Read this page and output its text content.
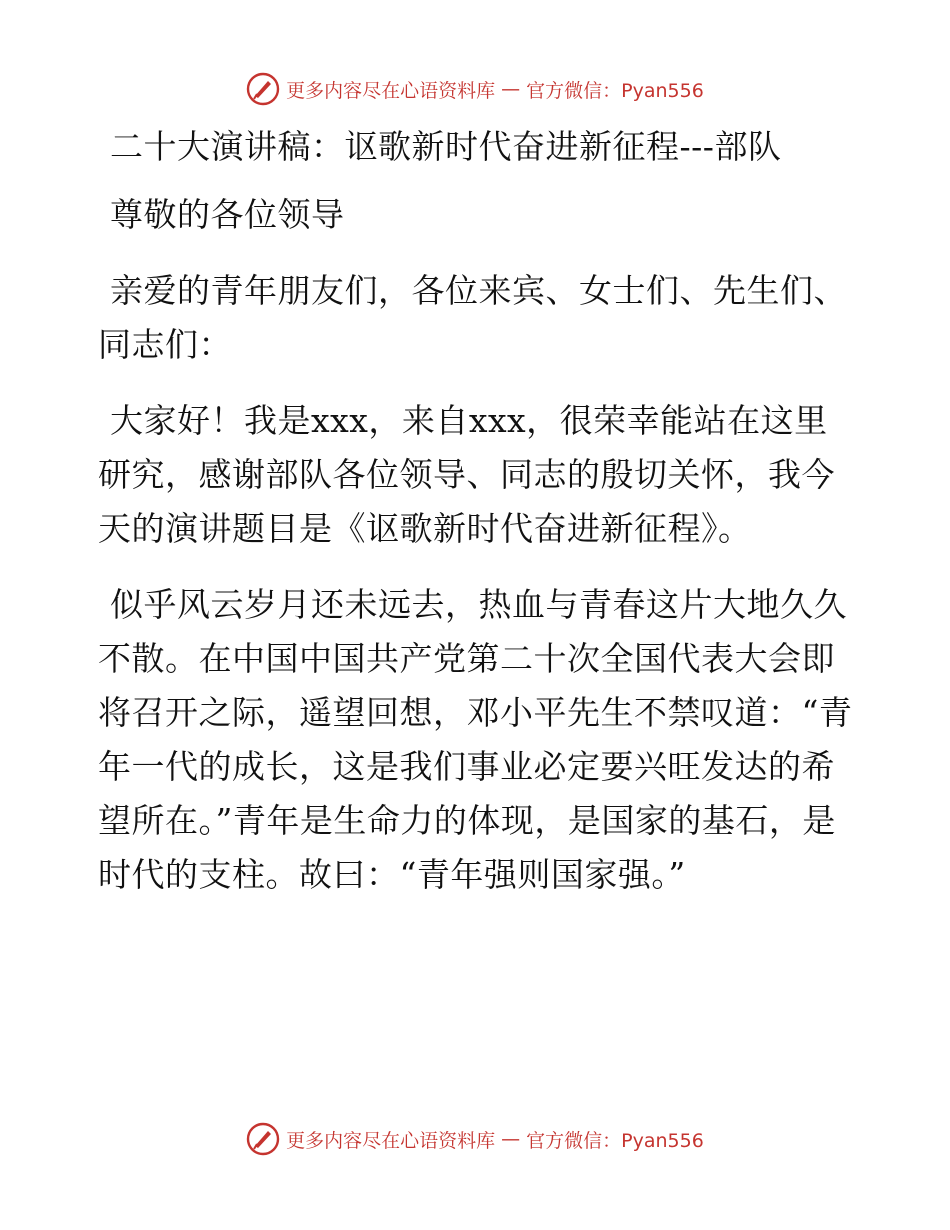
更多内容尽在心语资料库 — 官方微信：Pyan556

二十大演讲稿：讴歌新时代奋进新征程---部队

尊敬的各位领导

亲爱的青年朋友们，各位来宾、女士们、先生们、同志们：

大家好！我是xxx，来自xxx，很荣幸能站在这里研究，感谢部队各位领导、同志的殷切关怀，我今天的演讲题目是《讴歌新时代奋进新征程》。

似乎风云岁月还未远去，热血与青春这片大地久久不散。在中国中国共产党第二十次全国代表大会即将召开之际，遥望回想，邓小平先生不禁叹道：“青年一代的成长，这是我们事业必定要兴旺发达的希望所在。”青年是生命力的体现，是国家的基石，是时代的支柱。故曰：“青年强则国家强。”

更多内容尽在心语资料库 — 官方微信：Pyan556
